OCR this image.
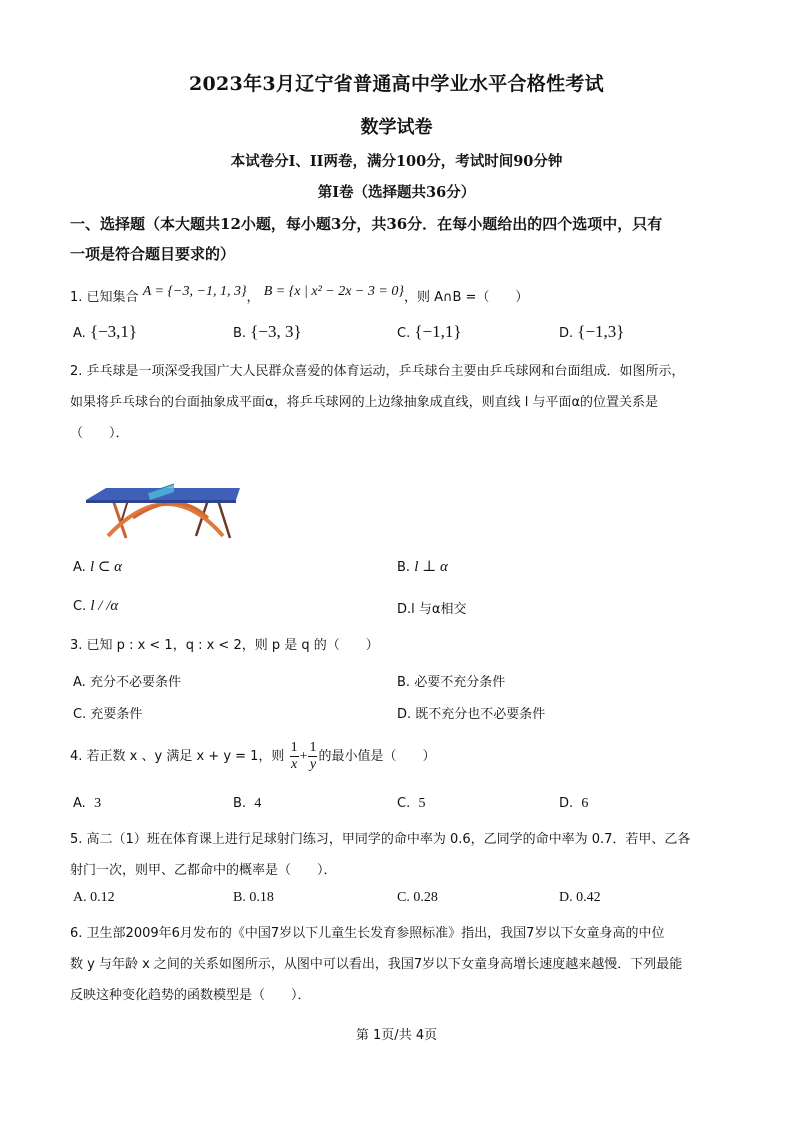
2023年3月辽宁省普通高中学业水平合格性考试
数学试卷
本试卷分I、II两卷，满分100分，考试时间90分钟
第I卷（选择题共36分）
一、选择题（本大题共12小题，每小题3分，共36分．在每小题给出的四个选项中，只有
一项是符合题目要求的）
1. 已知集合 A = {−3, −1, 1, 3}， B = {x | x² − 2x − 3 = 0}，则 A∩B =（　　）
A. {−3,1}	B. {−3, 3}	C. {−1,1}	D. {−1,3}
2. 乒乓球是一项深受我国广大人民群众喜爱的体育运动，乒乓球台主要由乒乓球网和台面组成．如图所示，
如果将乒乓球台的台面抽象成平面α，将乒乓球网的上边缘抽象成直线，则直线 l 与平面α的位置关系是
（　　）．
A. l ⊂ α	B. l ⊥ α
C. l / /α	D.l 与α相交
3. 已知 p : x < 1，q : x < 2，则 p 是 q 的（　　）
A. 充分不必要条件	B. 必要不充分条件
C. 充要条件	D. 既不充分也不必要条件
4. 若正数 x 、y 满足 x + y = 1，则 $\frac{1}{x} + \frac{1}{y}$ 的最小值是（　　）
A. 3	B. 4	C. 5	D. 6
5. 高二（1）班在体育课上进行足球射门练习，甲同学的命中率为 0.6，乙同学的命中率为 0.7．若甲、乙各
射门一次，则甲、乙都命中的概率是（　　）．
A. 0.12	B. 0.18	C. 0.28	D. 0.42
6. 卫生部2009年6月发布的《中国7岁以下儿童生长发育参照标准》指出，我国7岁以下女童身高的中位
数 y 与年龄 x 之间的关系如图所示，从图中可以看出，我国7岁以下女童身高增长速度越来越慢．下列最能
反映这种变化趋势的函数模型是（　　）．
第 1页/共 4页
